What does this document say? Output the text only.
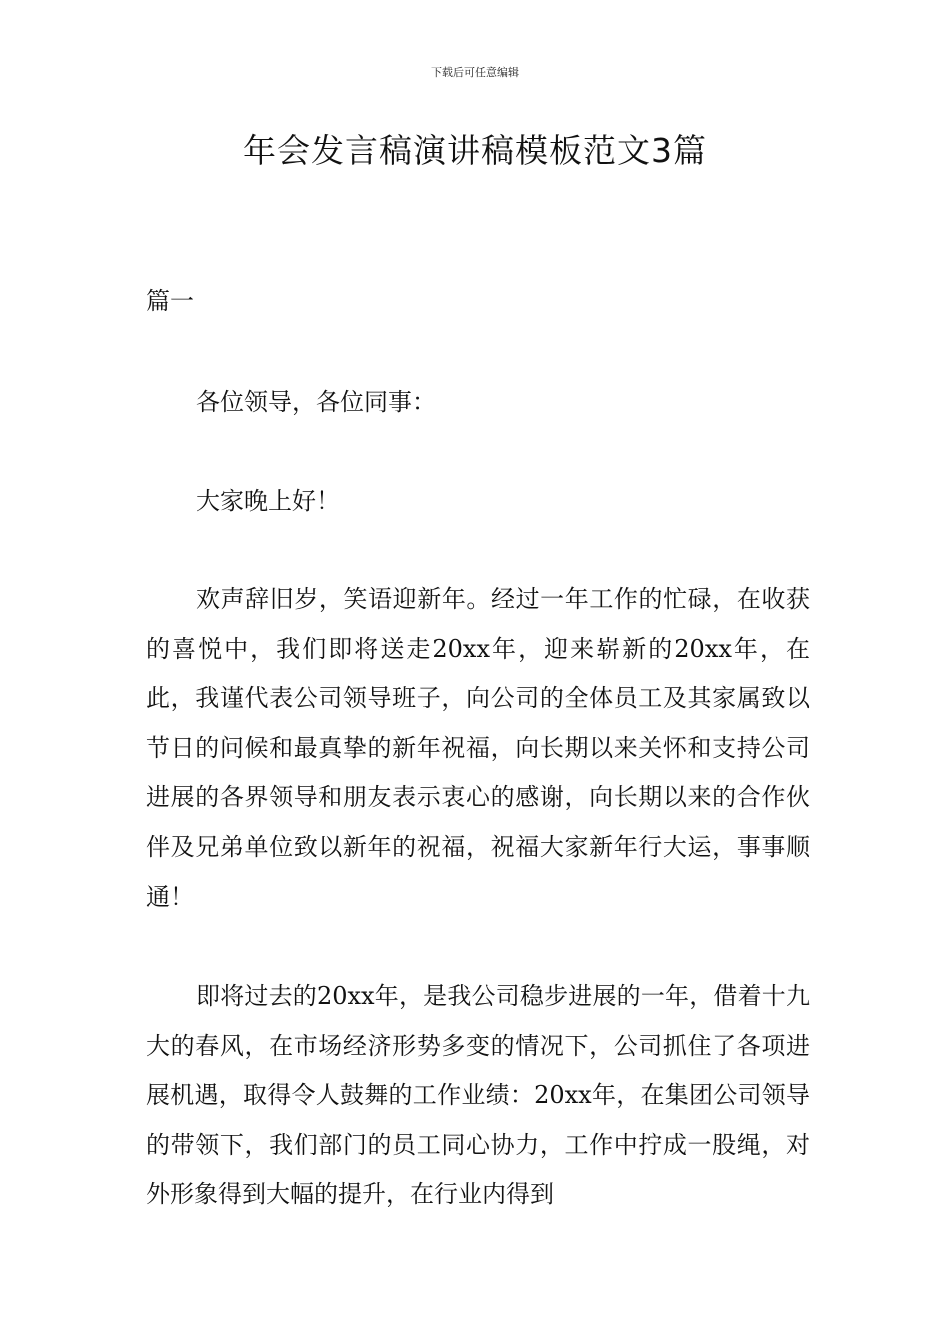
下载后可任意编辑
年会发言稿演讲稿模板范文3篇
篇一

各位领导，各位同事：

大家晚上好！

欢声辞旧岁，笑语迎新年。经过一年工作的忙碌，在收获的喜悦中，我们即将送走20xx年，迎来崭新的20xx年，在此，我谨代表公司领导班子，向公司的全体员工及其家属致以节日的问候和最真挚的新年祝福，向长期以来关怀和支持公司进展的各界领导和朋友表示衷心的感谢，向长期以来的合作伙伴及兄弟单位致以新年的祝福，祝福大家新年行大运，事事顺通！

即将过去的20xx年，是我公司稳步进展的一年，借着十九大的春风，在市场经济形势多变的情况下，公司抓住了各项进展机遇，取得令人鼓舞的工作业绩：20xx年，在集团公司领导的带领下，我们部门的员工同心协力，工作中拧成一股绳，对外形象得到大幅的提升，在行业内得到
